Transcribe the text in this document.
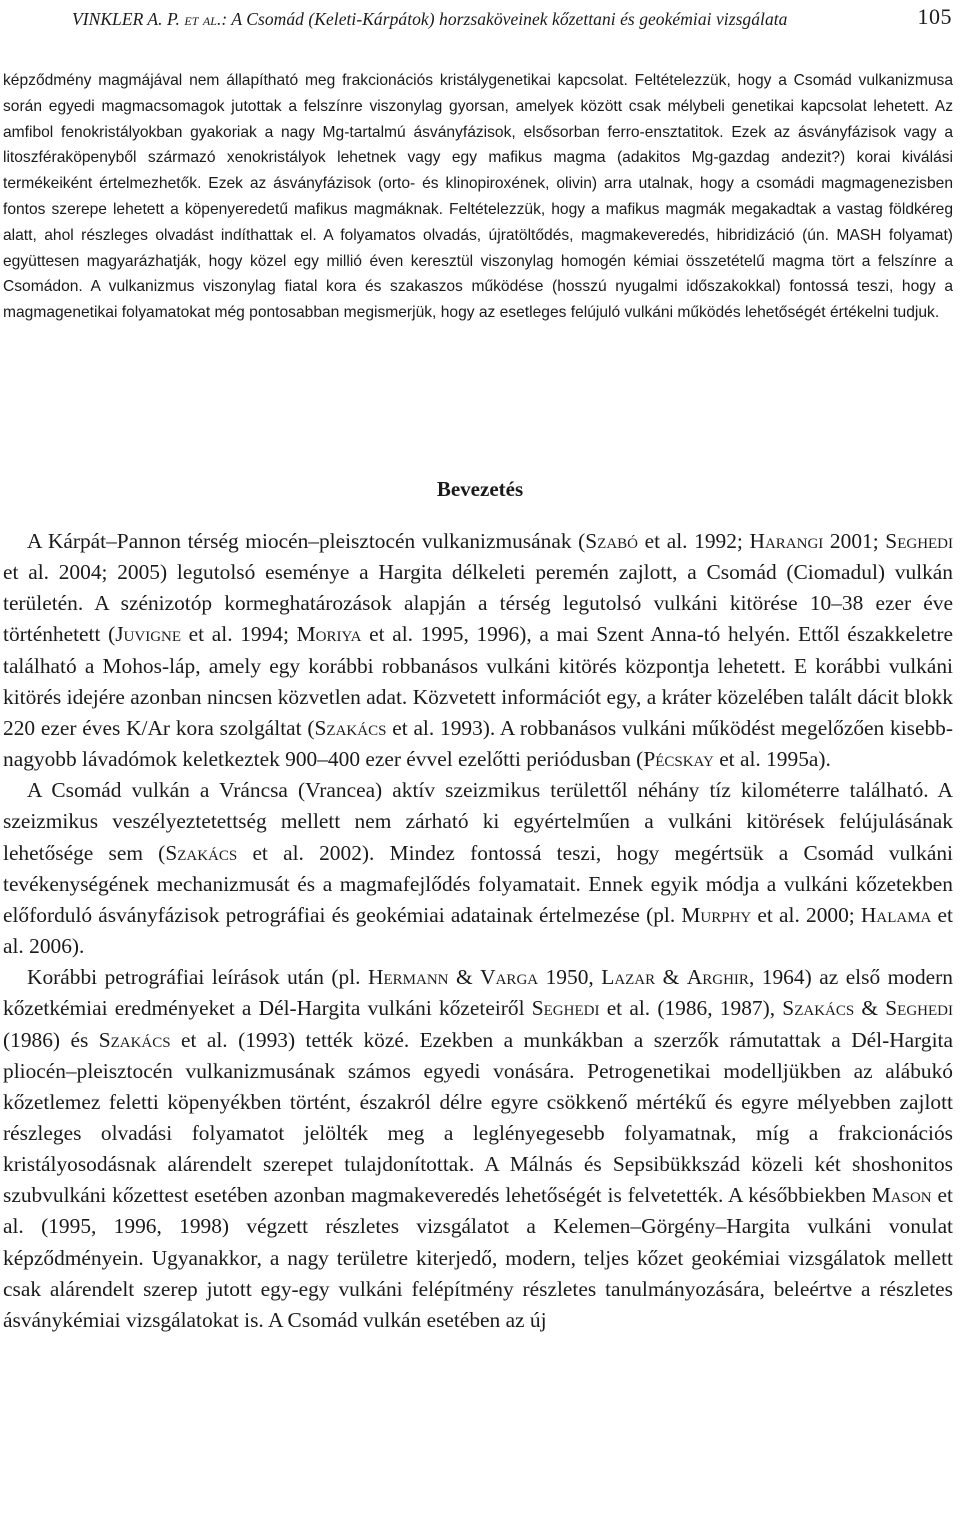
VINKLER A. P. et al.: A Csomád (Keleti-Kárpátok) horzsaköveinek kőzettani és geokémiai vizsgálata	105

képződmény magmájával nem állapítható meg frakcionációs kristálygenetikai kapcsolat. Feltételezzük, hogy a Csomád vulkanizmusa során egyedi magmacsomagok jutottak a felszínre viszonylag gyorsan, amelyek között csak mélybeli genetikai kapcsolat lehetett. Az amfibol fenokristályokban gyakoriak a nagy Mg-tartalmú ásványfázisok, elsősorban ferro-ensztatitok. Ezek az ásványfázisok vagy a litoszféraköpenyből származó xenokristályok lehetnek vagy egy mafikus magma (adakitos Mg-gazdag andezit?) korai kiválási termékeiként értelmezhetők. Ezek az ásványfázisok (orto- és klinopiroxének, olivin) arra utalnak, hogy a csomádi magmagenezisben fontos szerepe lehetett a köpenyeredetű mafikus magmáknak. Feltételezzük, hogy a mafikus magmák megakadtak a vastag földkéreg alatt, ahol részleges olvadást indíthattak el. A folyamatos olvadás, újratöltődés, magmakeveredés, hibridizáció (ún. MASH folyamat) együttesen magyarázhatják, hogy közel egy millió éven keresztül viszonylag homogén kémiai összetételű magma tört a felszínre a Csomádon. A vulkanizmus viszonylag fiatal kora és szakaszos működése (hosszú nyugalmi időszakokkal) fontossá teszi, hogy a magmagenetikai folyamatokat még pontosabban megismerjük, hogy az esetleges felújuló vulkáni működés lehetőségét értékelni tudjuk.

Bevezetés

A Kárpát–Pannon térség miocén–pleisztocén vulkanizmusának (Szabó et al. 1992; Harangi 2001; Seghedi et al. 2004; 2005) legutolsó eseménye a Hargita délkeleti peremén zajlott, a Csomád (Ciomadul) vulkán területén. A szénizotóp kormeghatározások alapján a térség legutolsó vulkáni kitörése 10–38 ezer éve történhetett (Juvigne et al. 1994; Moriya et al. 1995, 1996), a mai Szent Anna-tó helyén. Ettől északkeletre található a Mohos-láp, amely egy korábbi robbanásos vulkáni kitörés központja lehetett. E korábbi vulkáni kitörés idejére azonban nincsen közvetlen adat. Közvetett információt egy, a kráter közelében talált dácit blokk 220 ezer éves K/Ar kora szolgáltat (Szakács et al. 1993). A robbanásos vulkáni működést megelőzően kisebb-nagyobb lávadómok keletkeztek 900–400 ezer évvel ezelőtti periódusban (Pécskay et al. 1995a).

A Csomád vulkán a Vráncsa (Vrancea) aktív szeizmikus területtől néhány tíz kilométerre található. A szeizmikus veszélyeztetettség mellett nem zárható ki egyértelműen a vulkáni kitörések felújulásának lehetősége sem (Szakács et al. 2002). Mindez fontossá teszi, hogy megértsük a Csomád vulkáni tevékenységének mechanizmusát és a magmafejlődés folyamatait. Ennek egyik módja a vulkáni kőzetekben előforduló ásványfázisok petrográfiai és geokémiai adatainak értelmezése (pl. Murphy et al. 2000; Halama et al. 2006).

Korábbi petrográfiai leírások után (pl. Hermann & Varga 1950, Lazar & Arghir, 1964) az első modern kőzetkémiai eredményeket a Dél-Hargita vulkáni kőzeteiről Seghedi et al. (1986, 1987), Szakács & Seghedi (1986) és Szakács et al. (1993) tették közé. Ezekben a munkákban a szerzők rámutattak a Dél-Hargita pliocén–pleisztocén vulkanizmusának számos egyedi vonására. Petrogenetikai modelljükben az alábukó kőzetlemez feletti köpenyékben történt, északról délre egyre csökkenő mértékű és egyre mélyebben zajlott részleges olvadási folyamatot jelölték meg a leglényegesebb folyamatnak, míg a frakcionációs kristályosodásnak alárendelt szerepet tulajdonítottak. A Málnás és Sepsibükkszád közeli két shoshonitos szubvulkáni kőzettest esetében azonban magmakeveredés lehetőségét is felvetették. A későbbiekben Mason et al. (1995, 1996, 1998) végzett részletes vizsgálatot a Kelemen–Görgény–Hargita vulkáni vonulat képződményein. Ugyanakkor, a nagy területre kiterjedő, modern, teljes kőzet geokémiai vizsgálatok mellett csak alárendelt szerep jutott egy-egy vulkáni felépítmény részletes tanulmányozására, beleértve a részletes ásványkémiai vizsgálatokat is. A Csomád vulkán esetében az új
